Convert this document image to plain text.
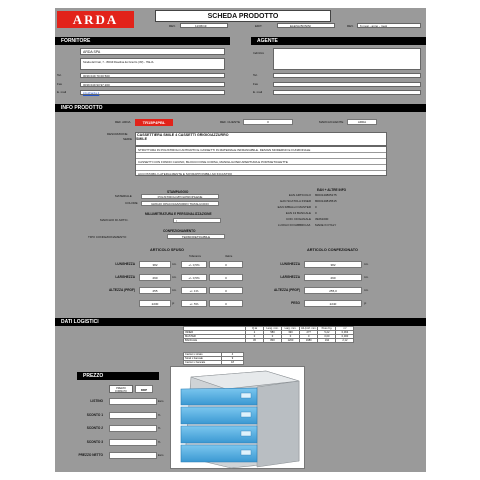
ARDA	SCHEDA PRODOTTO
REV.	11/06/19	EDIT.	ELENA BONINI	REV. 6 mesi - anno - mesi
FORNITORE
ARDA SPA
Strada del Fratt, 7 - 35019 Rosolina del Grezzo (VR) - ITALIA
Tel.	0039 049 70 00 500
Fax	0039 049 93 97 200
E. mail	info@arda.it
AGENTE
Indirizzo
Tel.
Fax
E. mail
INFO PRODOTTO
REF. ARDA	TR15P4PBL	REF. CLIENTE	0	MARCA/CLIENTE	ARDA
DESCRIZIONE	CASSETTIERA SMILE 4 CASSETTI GRIGIO/AZZURRO
SERIE SMILE
STRUTTURA IN POLISTIROLO ANTIURTO E CASSETTI IN MATERIALE INFRANGIBILE. DESIGN MODERNO E FUNZIONALE
CASSETTI CON FONDO CHIUSO, BLOCCO FINE CORSA, MANIGLIA PER APERTURA E PORTAETICHETTE
ACCOSTABILI LATERALMENTE E SOVRAPPONIBILI AD INCASTRO
STAMPAGGIO
MATERIALE	POLISTIROLO/POLIPROPILENE
COLORE	GRIGIO OPACO/AZZURRO TRASLUCIDO
MILLIMETRATURA E PERSONALIZZAZIONE
MARCHIO DI ARTIC.	/
CONFEZIONAMENTO
TIPO CONFEZIONAMENTO	TERMORETRAIBILE
EAN + ALTRE INFO
EAN ARTICOLO 8003140805175
EAN SCATOLA INNER 8003140815515
EAN IMBALLO MASTER 0
EAN 13 BANCALE 0
COD. DOGANALE 39261000
LUOGO DI FABBRICAZ. MADE IN ITALY
ARTICOLO SFUSO
Tolleranza	Valore
LUNGHEZZA	382	mm.	+/- 0,5%	0
LARGHEZZA	290	mm.	+/- 0,5%	0
ALTEZZA (PROF)	255	mm.	+/- 1%	0
2230	gr.	+/- 5%	0
ARTICOLO CONFEZIONATO
LUNGHEZZA	382	mm.
LARGHEZZA	290	mm.
ALTEZZA (PROF)	255,0	mm.
PESO	2240	gr.
DATI LOGISTICI
	Q.tà	Lung. mm.	Larg. mm.	Alt./prof. mm.	Peso Kg.	m³
INNER	2	580	390	277	5,22	0,063
MASTER	0	0	0	0	0,00	0,000
BANCALE	36	800	1200	1980	194	2,12
Cartoni x strato	4
Strati x bancale	9
Cartoni x bancale	18
PREZZO
PREZZO FORMATO	DDP
LISTINO	Euro
SCONTO 1	%
SCONTO 2	%
SCONTO 3	%
PREZZO NETTO	Euro
